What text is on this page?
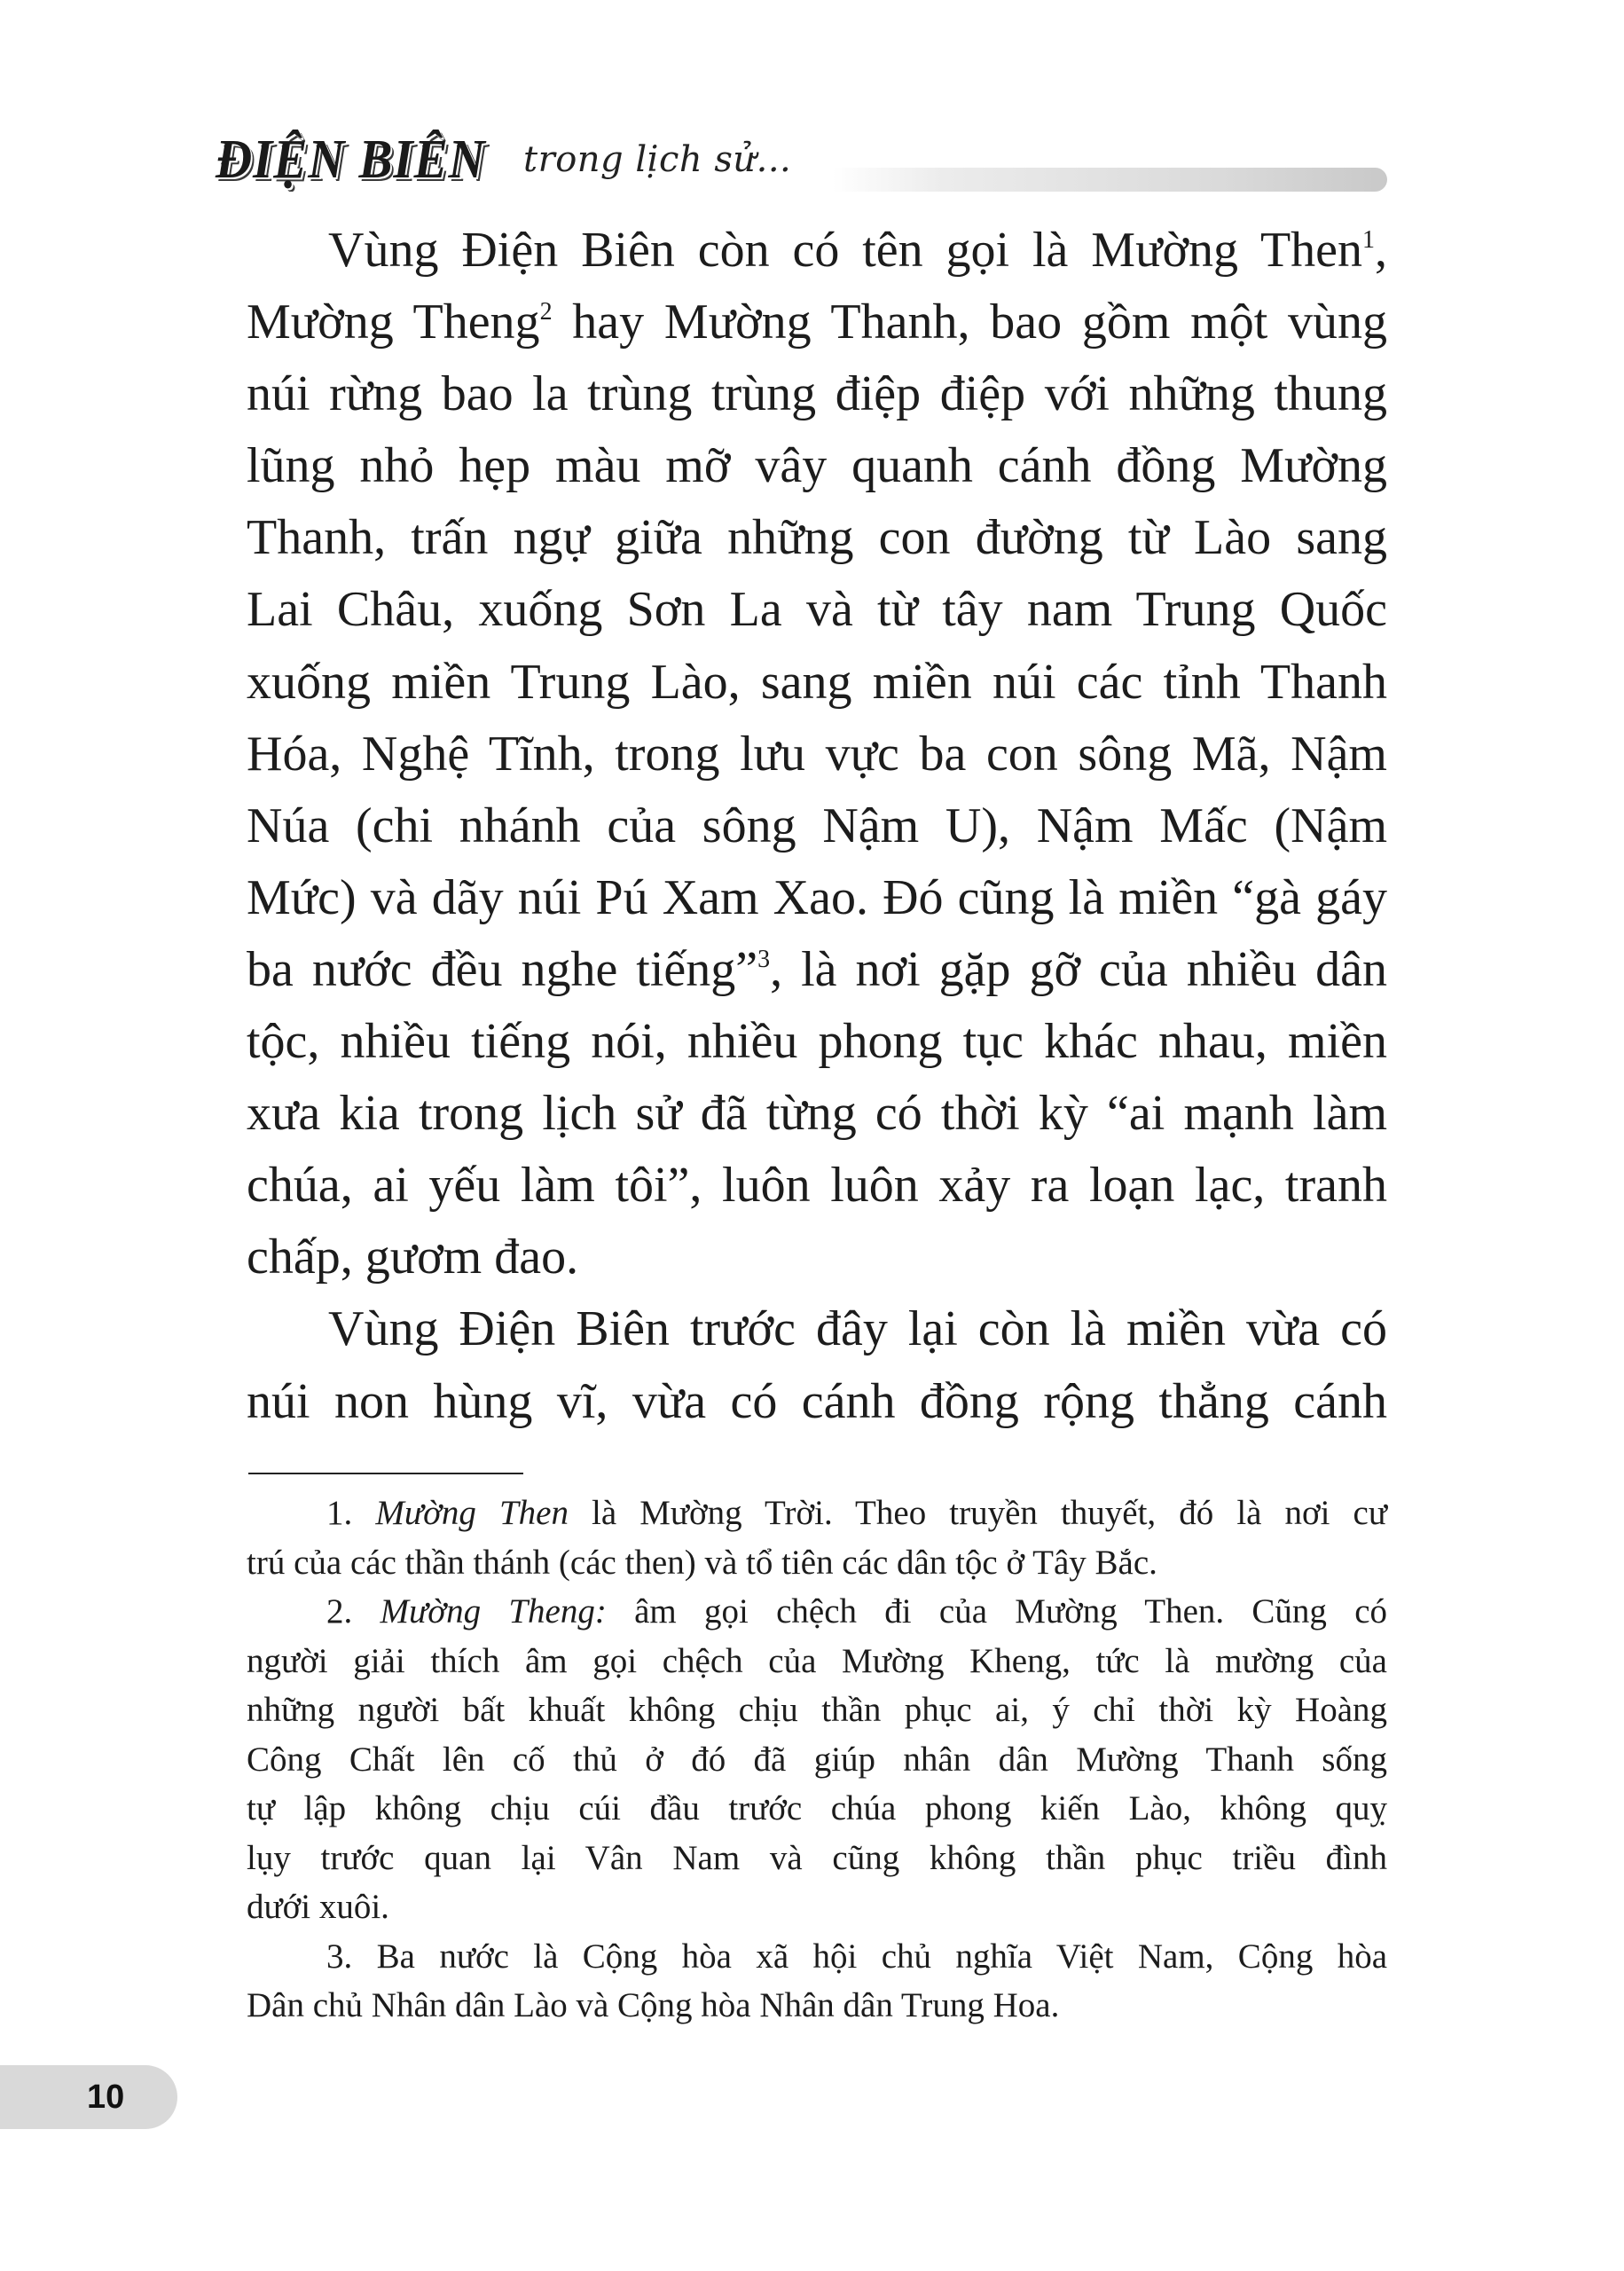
ĐIỆN BIÊN trong lịch sử...
Vùng Điện Biên còn có tên gọi là Mường Then$^1$,
Mường Theng$^2$ hay Mường Thanh, bao gồm một vùng
núi rừng bao la trùng trùng điệp điệp với những thung
lũng nhỏ hẹp màu mỡ vây quanh cánh đồng Mường
Thanh, trấn ngự giữa những con đường từ Lào sang
Lai Châu, xuống Sơn La và từ tây nam Trung Quốc
xuống miền Trung Lào, sang miền núi các tỉnh Thanh
Hóa, Nghệ Tĩnh, trong lưu vực ba con sông Mã, Nậm
Núa (chi nhánh của sông Nậm U), Nậm Mấc (Nậm
Mức) và dãy núi Pú Xam Xao. Đó cũng là miền “gà gáy
ba nước đều nghe tiếng”$^3$, là nơi gặp gỡ của nhiều dân
tộc, nhiều tiếng nói, nhiều phong tục khác nhau, miền
xưa kia trong lịch sử đã từng có thời kỳ “ai mạnh làm
chúa, ai yếu làm tôi”, luôn luôn xảy ra loạn lạc, tranh
chấp, gươm đao.
Vùng Điện Biên trước đây lại còn là miền vừa có
núi non hùng vĩ, vừa có cánh đồng rộng thẳng cánh
1. Mường Then là Mường Trời. Theo truyền thuyết, đó là nơi cư
trú của các thần thánh (các then) và tổ tiên các dân tộc ở Tây Bắc.
2. Mường Theng: âm gọi chệch đi của Mường Then. Cũng có
người giải thích âm gọi chệch của Mường Kheng, tức là mường của
những người bất khuất không chịu thần phục ai, ý chỉ thời kỳ Hoàng
Công Chất lên cố thủ ở đó đã giúp nhân dân Mường Thanh sống
tự lập không chịu cúi đầu trước chúa phong kiến Lào, không quỵ
lụy trước quan lại Vân Nam và cũng không thần phục triều đình
dưới xuôi.
3. Ba nước là Cộng hòa xã hội chủ nghĩa Việt Nam, Cộng hòa
Dân chủ Nhân dân Lào và Cộng hòa Nhân dân Trung Hoa.
10
